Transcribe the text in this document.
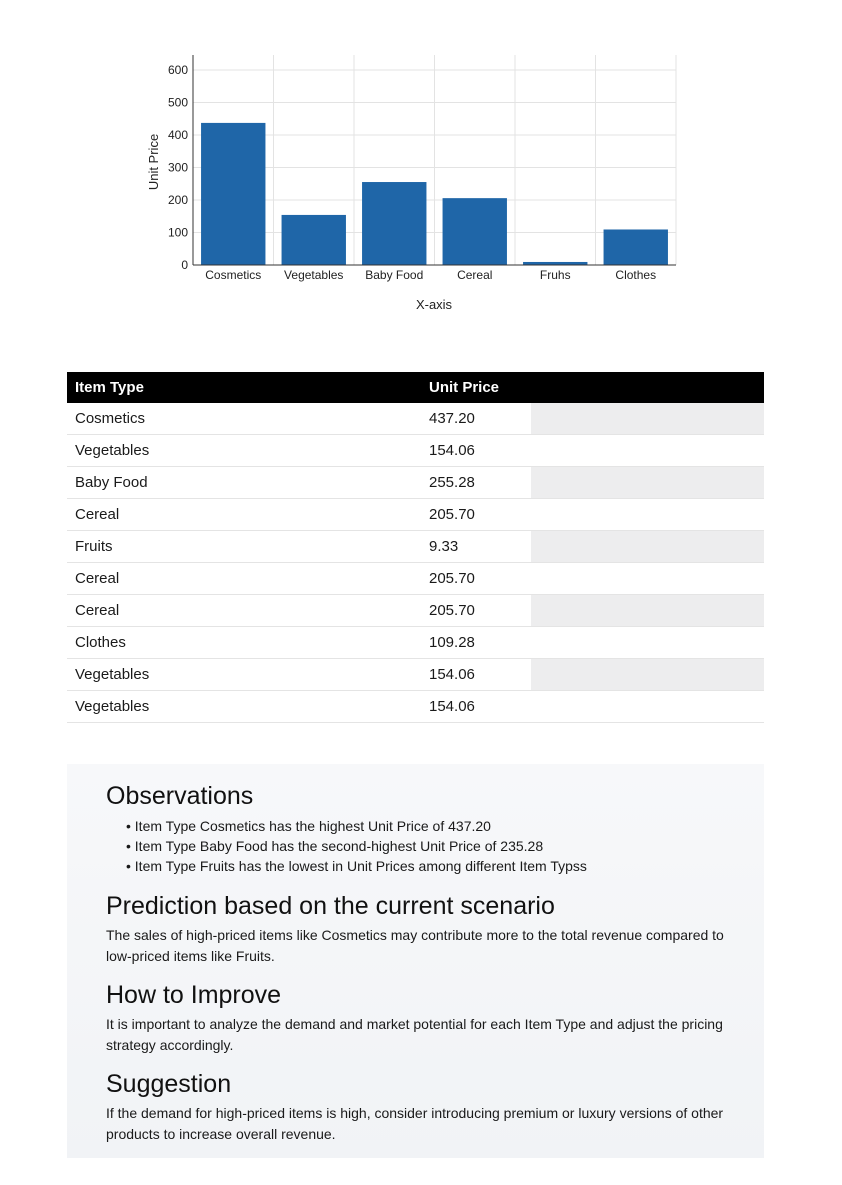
0
100
200
300
400
500
600
Cosmetics Vegetables Baby Food	Cereal	Fruhs	Clothes
Unit Price
X-axis
Item Type	Unit Price	
Cosmetics	437.20	
Vegetables	154.06	
Baby Food	255.28	
Cereal	205.70	
Fruits	9.33	
Cereal	205.70	
Cereal	205.70	
Clothes	109.28	
Vegetables	154.06	
Vegetables	154.06	
Observations
• Item Type Cosmetics has the highest Unit Price of 437.20
• Item Type Baby Food has the second-highest Unit Price of 235.28
• Item Type Fruits has the lowest in Unit Prices among different Item Typss
Prediction based on the current scenario

The sales of high-priced items like Cosmetics may contribute more to the total revenue compared to low-priced items like Fruits.

How to Improve

It is important to analyze the demand and market potential for each Item Type and adjust the pricing strategy accordingly.

Suggestion

If the demand for high-priced items is high, consider introducing premium or luxury versions of other products to increase overall revenue.
